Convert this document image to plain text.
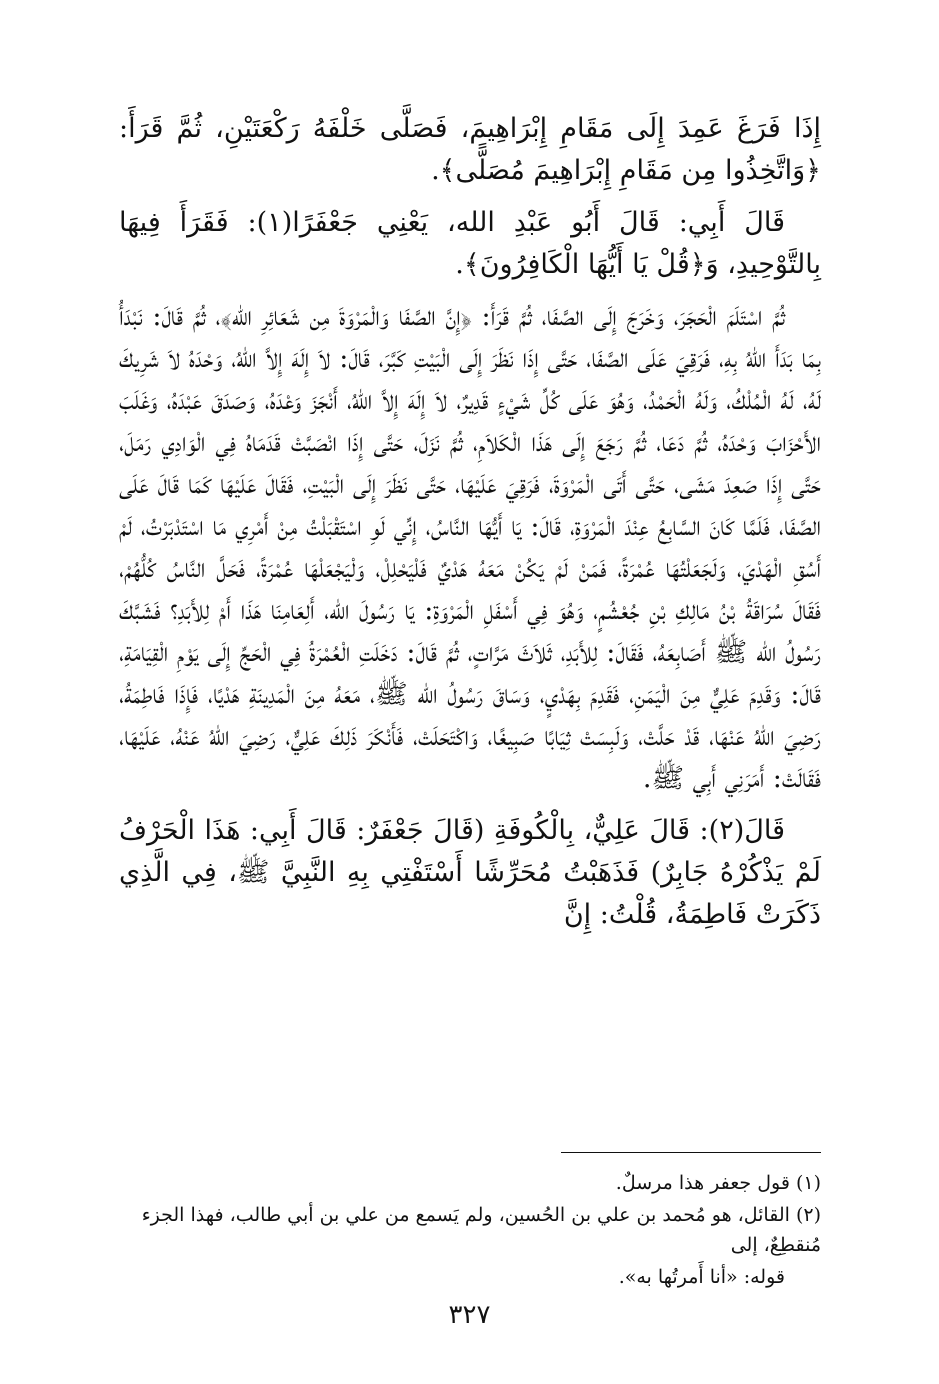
إِذَا فَرَغَ عَمِدَ إِلَى مَقَامِ إِبْرَاهِيمَ، فَصَلَّى خَلْفَهُ رَكْعَتَيْنِ، ثُمَّ قَرَأَ: ﴿وَاتَّخِذُوا مِن مَقَامِ إِبْرَاهِيمَ مُصَلًّى﴾.

قَالَ أَبِي: قَالَ أَبُو عَبْدِ الله، يَعْنِي جَعْفَرًا(١): فَقَرَأَ فِيهَا بِالتَّوْحِيدِ، وَ﴿قُلْ يَا أَيُّهَا الْكَافِرُونَ﴾.

ثُمَّ اسْتَلَمَ الْحَجَرَ، وَخَرَجَ إِلَى الصَّفَا، ثُمَّ قَرَأَ: ﴿إِنَّ الصَّفَا وَالْمَرْوَةَ مِن شَعَائِرِ الله﴾، ثُمَّ قَالَ: نَبْدَأُ بِمَا بَدَأَ اللهُ بِهِ، فَرَقِيَ عَلَى الصَّفَا، حَتَّى إِذَا نَظَرَ إِلَى الْبَيْتِ كَبَّرَ، قَالَ: لاَ إِلَهَ إِلاَّ اللهُ، وَحْدَهُ لاَ شَرِيكَ لَهُ، لَهُ الْمُلْكُ، وَلَهُ الْحَمْدُ، وَهُوَ عَلَى كُلِّ شَيْءٍ قَدِيرٌ، لاَ إِلَهَ إِلاَّ اللهُ، أَنْجَزَ وَعْدَهُ، وَصَدَقَ عَبْدَهُ، وَغَلَبَ الأَحْزَابَ وَحْدَهُ، ثُمَّ دَعَا، ثُمَّ رَجَعَ إِلَى هَذَا الْكَلاَمِ، ثُمَّ نَزَلَ، حَتَّى إِذَا انْصَبَّتْ قَدَمَاهُ فِي الْوَادِي رَمَلَ، حَتَّى إِذَا صَعِدَ مَشَى، حَتَّى أَتَى الْمَرْوَةَ، فَرَقِيَ عَلَيْهَا، حَتَّى نَظَرَ إِلَى الْبَيْتِ، فَقَالَ عَلَيْهَا كَمَا قَالَ عَلَى الصَّفَا، فَلَمَّا كَانَ السَّابِعُ عِنْدَ الْمَرْوَةِ، قَالَ: يَا أَيُّهَا النَّاسُ، إِنِّي لَوِ اسْتَقْبَلْتُ مِنْ أَمْرِي مَا اسْتَدْبَرْتُ، لَمْ أَسُقِ الْهَدْيَ، وَلَجَعَلْتُهَا عُمْرَةً، فَمَنْ لَمْ يَكُنْ مَعَهُ هَدْيٌ فَلْيَحْلِلْ، وَلْيَجْعَلْهَا عُمْرَةً، فَحَلَّ النَّاسُ كُلُّهُمْ، فَقَالَ سُرَاقَةُ بْنُ مَالِكِ بْنِ جُعْشُمٍ، وَهُوَ فِي أَسْفَلِ الْمَرْوَةِ: يَا رَسُولَ الله، أَلِعَامِنَا هَذَا أَمْ لِلأَبَدِ؟ فَشَبَّكَ رَسُولُ الله ﷺ أَصَابِعَهُ، فَقَالَ: لِلأَبَدِ، ثَلاَثَ مَرَّاتٍ، ثُمَّ قَالَ: دَخَلَتِ الْعُمْرَةُ فِي الْحَجِّ إِلَى يَوْمِ الْقِيَامَةِ، قَالَ: وَقَدِمَ عَلِيٌّ مِنَ الْيَمَنِ، فَقَدِمَ بِهَدْيٍ، وَسَاقَ رَسُولُ الله ﷺ، مَعَهُ مِنَ الْمَدِينَةِ هَدْيًا، فَإِذَا فَاطِمَةُ، رَضِيَ اللهُ عَنْهَا، قَدْ حَلَّتْ، وَلَبِسَتْ ثِيَابًا صَبِيغًا، وَاكْتَحَلَتْ، فَأَنْكَرَ ذَلِكَ عَلِيٌّ، رَضِيَ اللهُ عَنْهُ، عَلَيْهَا، فَقَالَتْ: أَمَرَنِي أَبِي ﷺ.

قَالَ(٢): قَالَ عَلِيٌّ، بِالْكُوفَةِ (قَالَ جَعْفَرٌ: قَالَ أَبِي: هَذَا الْحَرْفُ لَمْ يَذْكُرْهُ جَابِرٌ) فَذَهَبْتُ مُحَرِّشًا أَسْتَفْتِي بِهِ النَّبِيَّ ﷺ، فِي الَّذِي ذَكَرَتْ فَاطِمَةُ، قُلْتُ: إِنَّ

(١) قول جعفر هذا مرسلٌ.
(٢) القائل، هو مُحمد بن علي بن الحُسين، ولم يَسمع من علي بن أبي طالب، فهذا الجزء مُنقطِعٌ، إلى
قوله: «أنا أَمرتُها به».
٣٢٧
